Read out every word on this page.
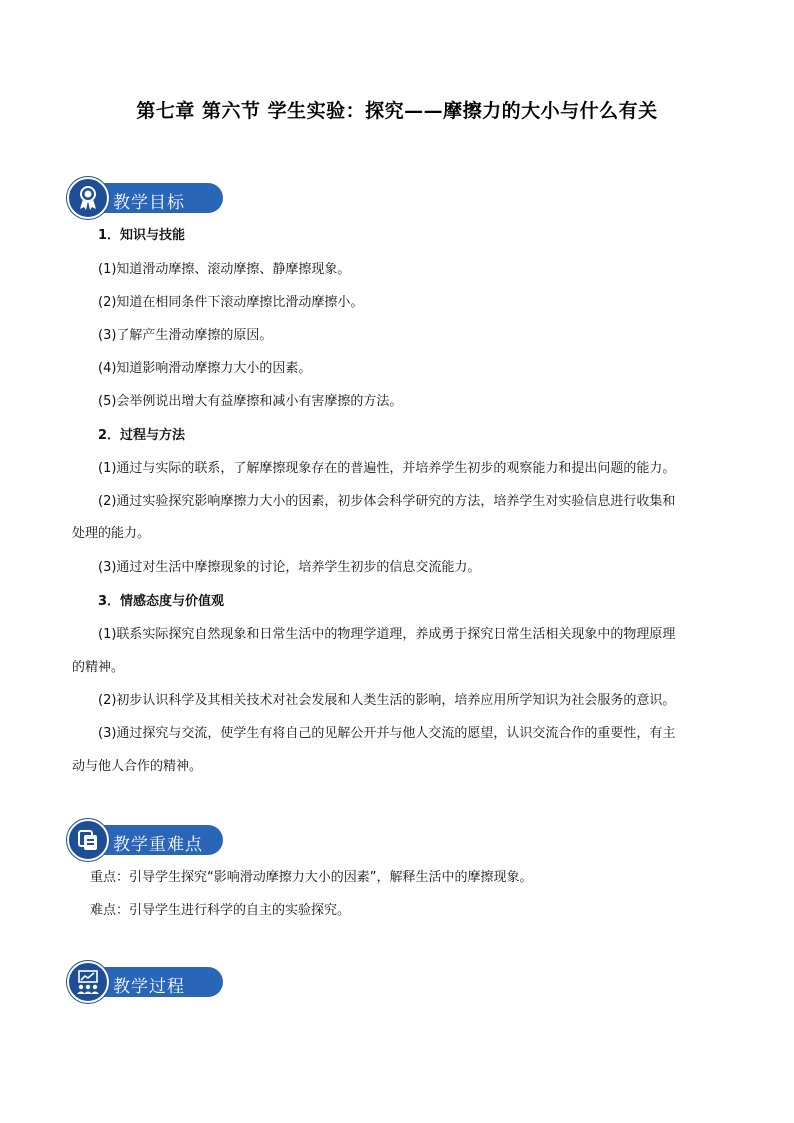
第七章 第六节 学生实验：探究——摩擦力的大小与什么有关
教学目标
1．知识与技能
(1)知道滑动摩擦、滚动摩擦、静摩擦现象。
(2)知道在相同条件下滚动摩擦比滑动摩擦小。
(3)了解产生滑动摩擦的原因。
(4)知道影响滑动摩擦力大小的因素。
(5)会举例说出增大有益摩擦和减小有害摩擦的方法。
2．过程与方法
(1)通过与实际的联系，了解摩擦现象存在的普遍性，并培养学生初步的观察能力和提出问题的能力。
(2)通过实验探究影响摩擦力大小的因素，初步体会科学研究的方法，培养学生对实验信息进行收集和
处理的能力。
(3)通过对生活中摩擦现象的讨论，培养学生初步的信息交流能力。
3．情感态度与价值观
(1)联系实际探究自然现象和日常生活中的物理学道理，养成勇于探究日常生活相关现象中的物理原理
的精神。
(2)初步认识科学及其相关技术对社会发展和人类生活的影响，培养应用所学知识为社会服务的意识。
(3)通过探究与交流，使学生有将自己的见解公开并与他人交流的愿望，认识交流合作的重要性，有主
动与他人合作的精神。
教学重难点
重点：引导学生探究“影响滑动摩擦力大小的因素”，解释生活中的摩擦现象。
难点：引导学生进行科学的自主的实验探究。
教学过程
